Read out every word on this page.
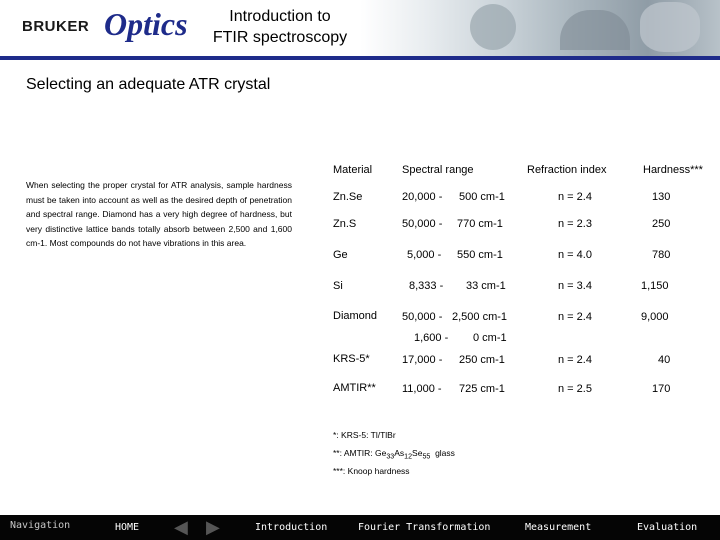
BRUKER Optics	Introduction to
FTIR spectroscopy
Selecting an adequate ATR crystal
When selecting the proper crystal for ATR analysis, sample hardness must be taken into account as well as the desired depth of penetration and spectral range. Diamond has a very high degree of hardness, but very distinctive lattice bands totally absorb between 2,500 and 1,600 cm-1. Most compounds do not have vibrations in this area.
Material	Spectral range	Refraction index	Hardness***
Zn.Se	20,000 - 500 cm-1	n = 2.4	130
Zn.S	50,000 - 770 cm-1	n = 2.3	250
Ge	5,000 - 550 cm-1	n = 4.0	780
Si	8,333 - 33 cm-1	n = 3.4	1,150
Diamond 50,000 - 2,500 cm-1	n = 2.4	9,000
1,600 - 0 cm-1
KRS-5*	17,000 - 250 cm-1	n = 2.4	40
AMTIR** 11,000 - 725 cm-1	n = 2.5	170
*: KRS-5: Tl/TlBr
**: AMTIR: $Ge_{33}As_{12}Se_{55}$ glass
***: Knoop hardness
Navigation	HOME ◀ ▶	Introduction	Fourier Transformation	Measurement	Evaluation
